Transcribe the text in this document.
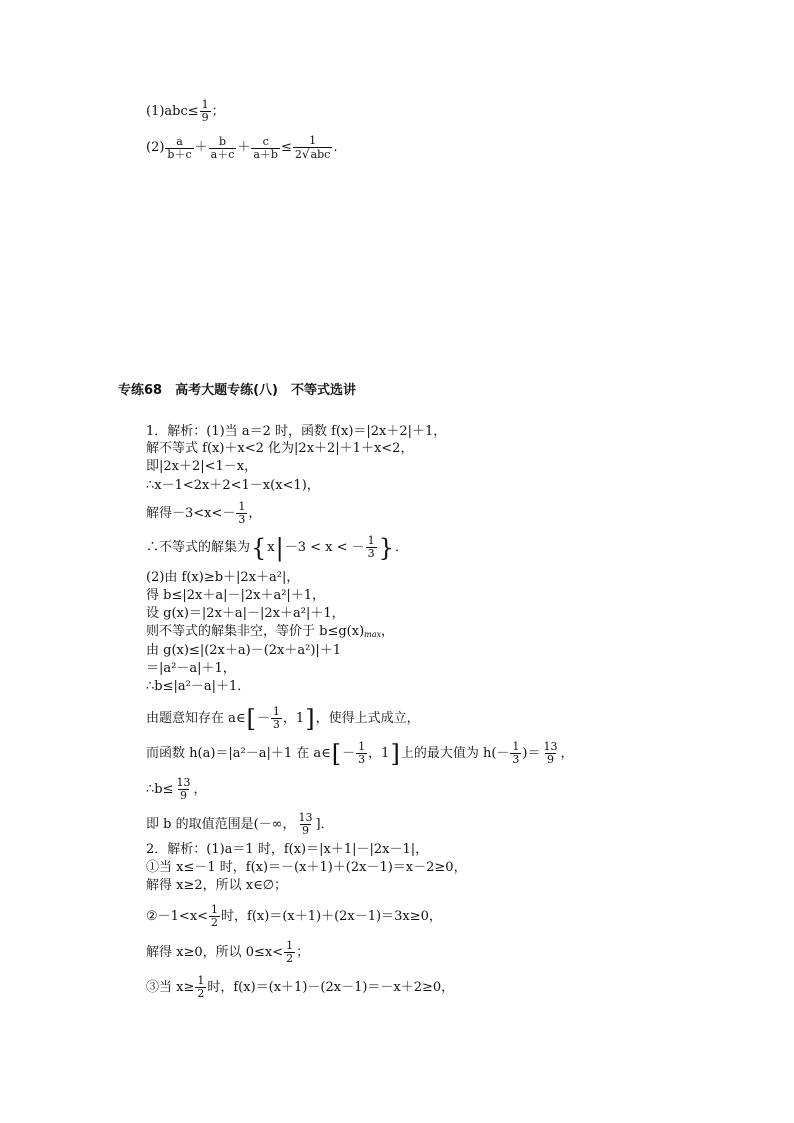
$(1)abc\le \frac{1}{9}$ ；
$(2) \frac{a}{b+c} + \frac{b}{a+c} + \frac{c}{a+b} \le \frac{1}{\text{2√abc}}$ .
专练68　高考大题专练(八)　不等式选讲
1．解析：(1)当 a＝2 时，函数 f(x)＝|2x＋2|＋1，
解不等式 f(x)＋x<2 化为|2x＋2|＋1＋x<2，
即|2x＋2|<1－x，
∴x－1<2x＋2<1－x(x<1)，
解得$-3<x<- \frac{1}{3}$ ，
∴不等式的解集为 { x | －3 < x < － $\frac{1}{3}$ } ．
(2)由 f(x)≥b＋|2x＋a²|，
得 b≤|2x＋a|－|2x＋a²|＋1，
设 g(x)＝|2x＋a|－|2x＋a²|＋1，
则不等式的解集非空，等价于 b≤g(x) max ，
由 g(x)≤|(2x＋a)－(2x＋a²)|＋1
＝|a²－a|＋1，
∴b≤|a²－a|＋1．
由题意知存在 a∈ [ － $\frac{1}{3}$ ，1 ] ，使得上式成立，
而函数 h(a)＝|a²－a|＋1 在 a∈ [ － $\frac{1}{3}$ ，1 ] 上的最大值为 $h(- \frac{1}{3}$ )＝ $\frac{13}{9}$ ，
∴b≤ $\frac{13}{9}$ ，
即 b 的取值范围是(－∞， $\frac{13}{9}$ ]．
2．解析：(1)a＝1 时，f(x)＝|x＋1|－|2x－1|，
①当 x≤－1 时，f(x)＝－(x＋1)＋(2x－1)＝x－2≥0，
解得 x≥2，所以 x∈∅；
②－1<x< $\frac{1}{2}$ 时，f(x)＝(x＋1)＋(2x－1)＝3x≥0，
解得 x≥0，所以 $0\le x< \frac{1}{2}$ ；
③当 $x\ge \frac{1}{2}$ 时，f(x)＝(x＋1)－(2x－1)＝－x＋2≥0，
